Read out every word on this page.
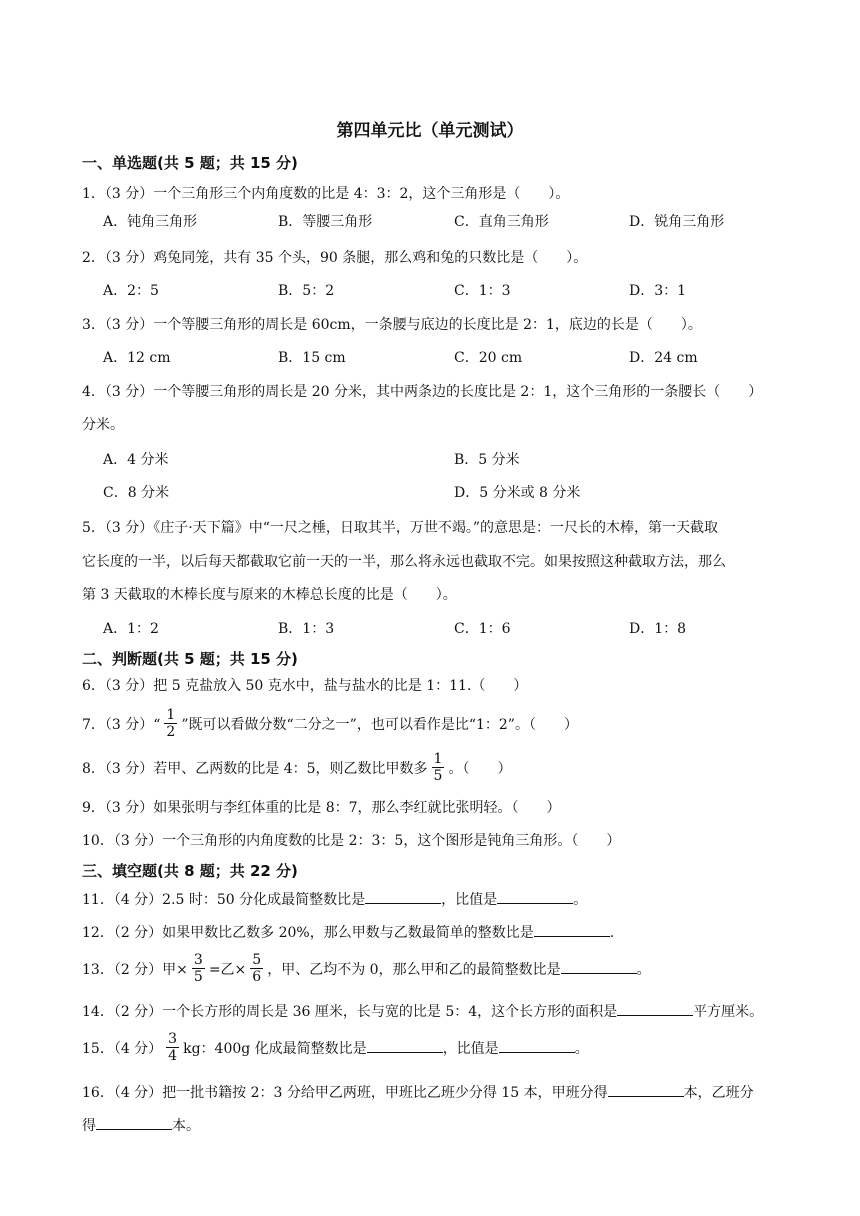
第四单元比（单元测试）
一、单选题(共 5 题；共 15 分)
1．（3 分）一个三角形三个内角度数的比是 4：3：2，这个三角形是（　　）。
A．钝角三角形	B．等腰三角形	C．直角三角形	D．锐角三角形
2．（3 分）鸡兔同笼，共有 35 个头，90 条腿，那么鸡和兔的只数比是（　　）。
A．2：5	B．5：2	C．1：3	D．3：1
3．（3 分）一个等腰三角形的周长是 60cm，一条腰与底边的长度比是 2：1，底边的长是（　　）。
A．12 cm	B．15 cm	C．20 cm	D．24 cm
4．（3 分）一个等腰三角形的周长是 20 分米，其中两条边的长度比是 2：1，这个三角形的一条腰长（　　）
分米。
A．4 分米	B．5 分米
C．8 分米	D．5 分米或 8 分米
5．（3 分）《庄子·天下篇》中“一尺之棰，日取其半，万世不竭。”的意思是：一尺长的木棒，第一天截取
它长度的一半，以后每天都截取它前一天的一半，那么将永远也截取不完。如果按照这种截取方法，那么
第 3 天截取的木棒长度与原来的木棒总长度的比是（　　）。
A．1：2	B．1：3	C．1：6	D．1：8
二、判断题(共 5 题；共 15 分)
6．（3 分）把 5 克盐放入 50 克水中，盐与盐水的比是 1：11.（　　）
7．（3 分）“ $\frac{1}{2}$ ”既可以看做分数“二分之一”，也可以看作是比“1：2”。（　　）
8．（3 分）若甲、乙两数的比是 4：5，则乙数比甲数多 $\frac{1}{5}$ 。（　　）
9．（3 分）如果张明与李红体重的比是 8：7，那么李红就比张明轻。（　　）
10．（3 分）一个三角形的内角度数的比是 2：3：5，这个图形是钝角三角形。（　　）
三、填空题(共 8 题；共 22 分)
11．（4 分）2.5 时：50 分化成最简整数比是	，比值是	。
12．（2 分）如果甲数比乙数多 20%，那么甲数与乙数最简单的整数比是	.
13．（2 分）甲× $\frac{3}{5}$ =乙× $\frac{5}{6}$ ，甲、乙均不为 0，那么甲和乙的最简整数比是	。
14．（2 分）一个长方形的周长是 36 厘米，长与宽的比是 5：4，这个长方形的面积是	平方厘米。
15．（4 分） $\frac{3}{4}$ kg：400g 化成最简整数比是	，比值是	。
16．（4 分）把一批书籍按 2：3 分给甲乙两班，甲班比乙班少分得 15 本，甲班分得	本，乙班分
得	本。
